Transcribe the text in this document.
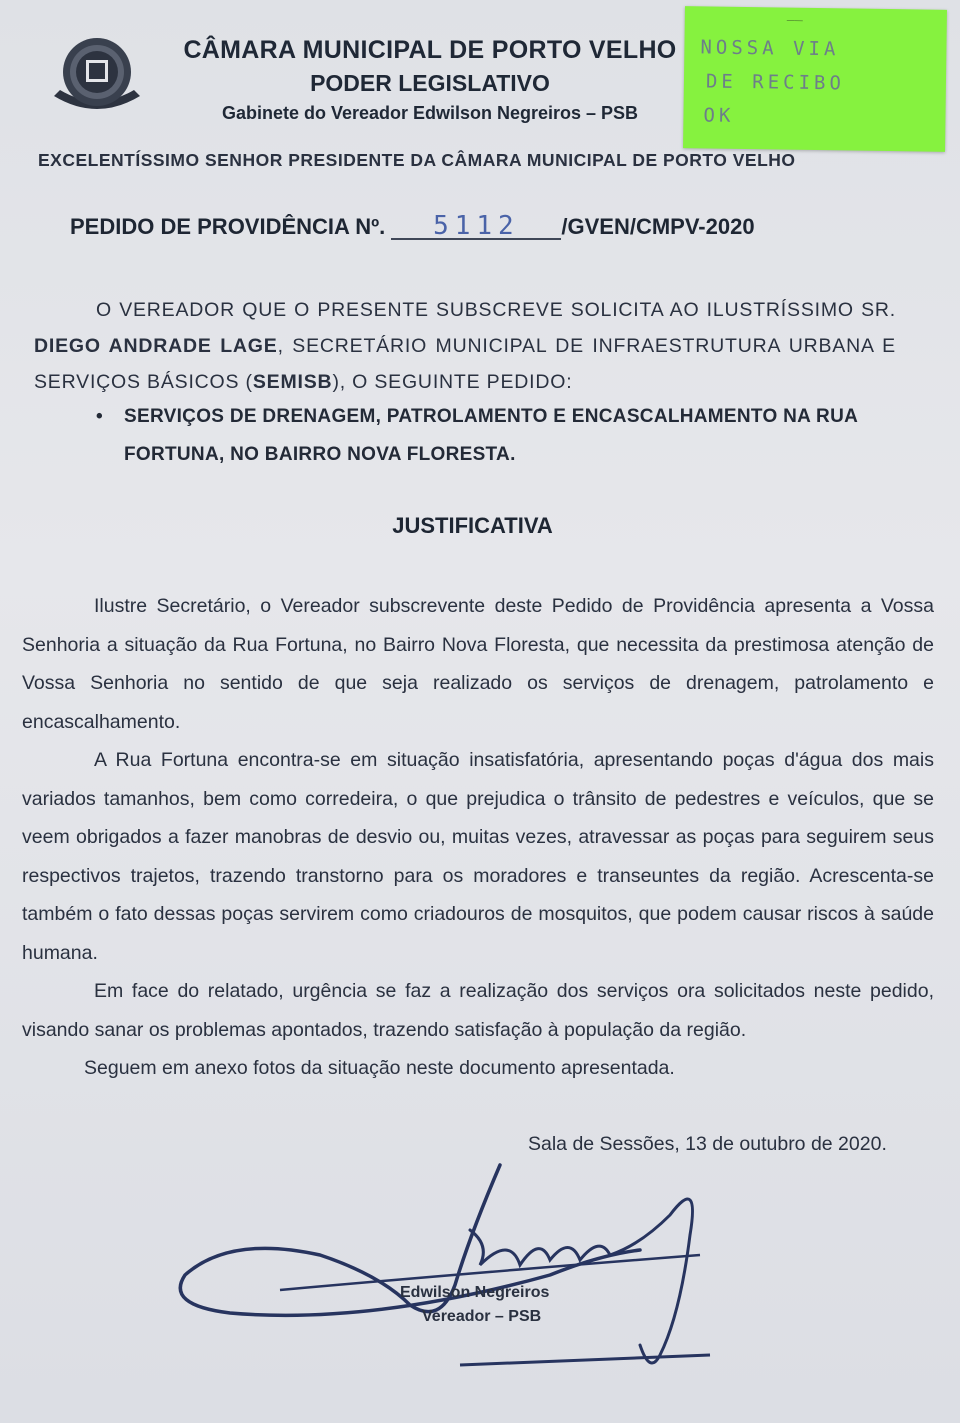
CÂMARA MUNICIPAL DE PORTO VELHO
PODER LEGISLATIVO
Gabinete do Vereador Edwilson Negreiros – PSB
——
NOSSA VIA
DE RECIBO
OK
EXCELENTÍSSIMO SENHOR PRESIDENTE DA CÂMARA MUNICIPAL DE PORTO VELHO
PEDIDO DE PROVIDÊNCIA Nº. 5112 /GVEN/CMPV-2020
O VEREADOR QUE O PRESENTE SUBSCREVE SOLICITA AO ILUSTRÍSSIMO SR. DIEGO ANDRADE LAGE, SECRETÁRIO MUNICIPAL DE INFRAESTRUTURA URBANA E SERVIÇOS BÁSICOS (SEMISB), O SEGUINTE PEDIDO:
• SERVIÇOS DE DRENAGEM, PATROLAMENTO E ENCASCALHAMENTO NA RUA FORTUNA, NO BAIRRO NOVA FLORESTA.
JUSTIFICATIVA

Ilustre Secretário, o Vereador subscrevente deste Pedido de Providência apresenta a Vossa Senhoria a situação da Rua Fortuna, no Bairro Nova Floresta, que necessita da prestimosa atenção de Vossa Senhoria no sentido de que seja realizado os serviços de drenagem, patrolamento e encascalhamento.

A Rua Fortuna encontra-se em situação insatisfatória, apresentando poças d'água dos mais variados tamanhos, bem como corredeira, o que prejudica o trânsito de pedestres e veículos, que se veem obrigados a fazer manobras de desvio ou, muitas vezes, atravessar as poças para seguirem seus respectivos trajetos, trazendo transtorno para os moradores e transeuntes da região. Acrescenta-se também o fato dessas poças servirem como criadouros de mosquitos, que podem causar riscos à saúde humana.

Em face do relatado, urgência se faz a realização dos serviços ora solicitados neste pedido, visando sanar os problemas apontados, trazendo satisfação à população da região.

Seguem em anexo fotos da situação neste documento apresentada.

Sala de Sessões, 13 de outubro de 2020.
Edwilson Negreiros
Vereador – PSB
